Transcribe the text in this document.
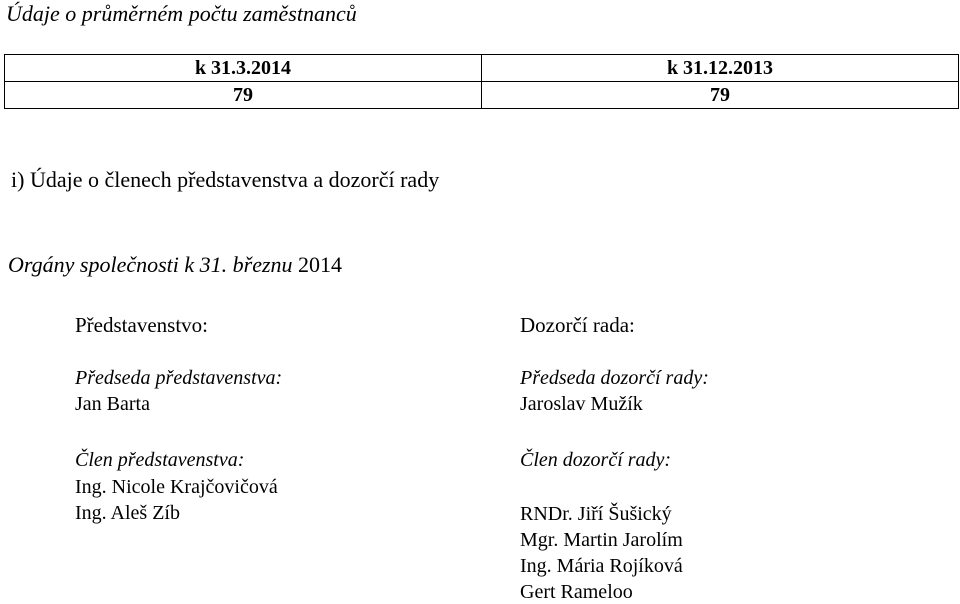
Údaje o průměrném počtu zaměstnanců
k 31.3.2014	k 31.12.2013
79	79
i) Údaje o členech představenstva a dozorčí rady
Orgány společnosti k 31. březnu 2014
Představenstvo:
Předseda představenstva:
Jan Barta
Člen představenstva:
Ing. Nicole Krajčovičová
Ing. Aleš Zíb
Dozorčí rada:
Předseda dozorčí rady:
Jaroslav Mužík
Člen dozorčí rady:
RNDr. Jiří Šušický
Mgr. Martin Jarolím
Ing. Mária Rojíková
Gert Rameloo
